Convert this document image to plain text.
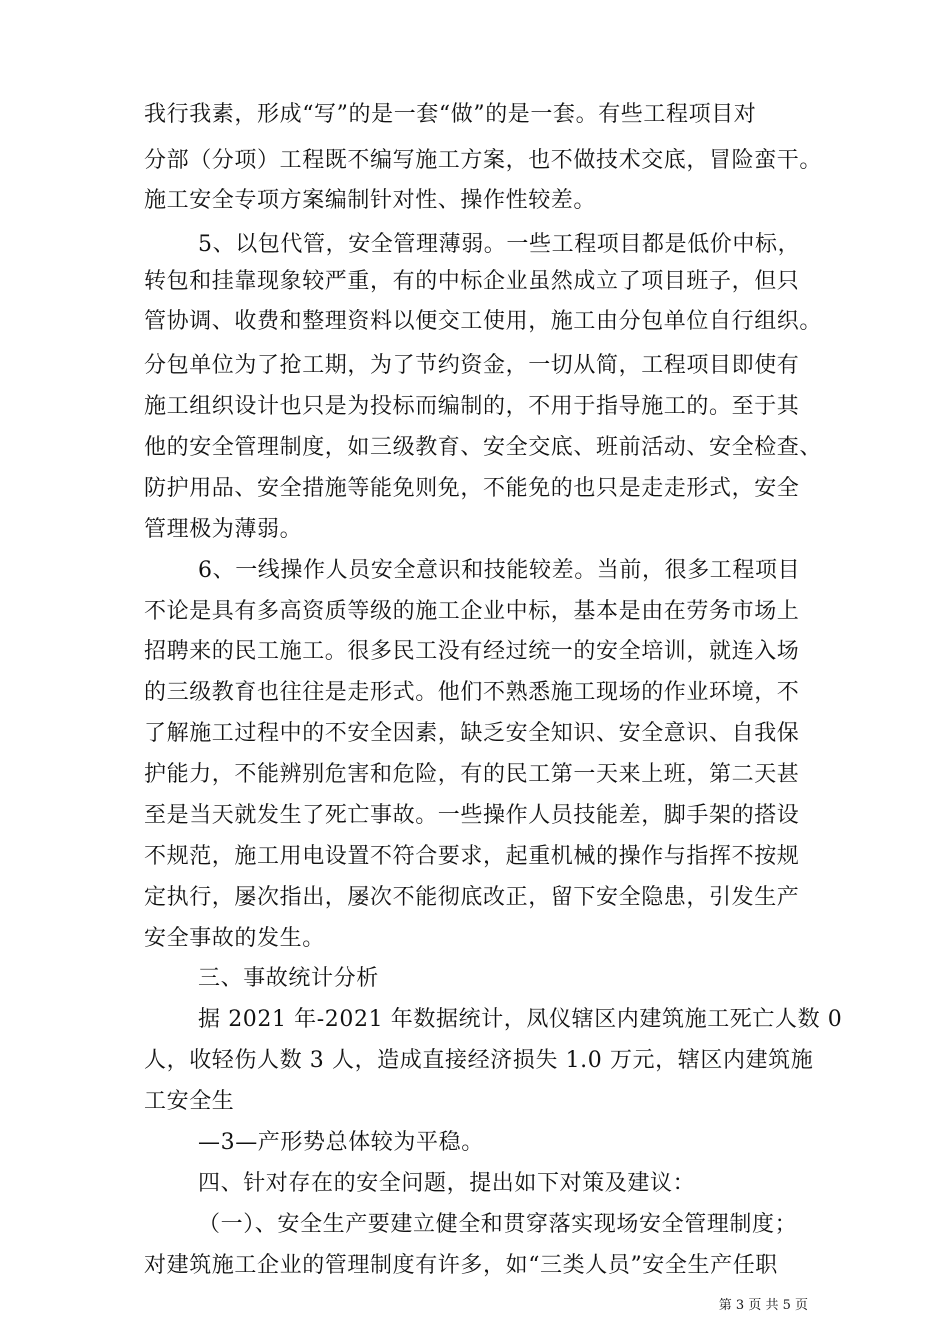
我行我素，形成“写”的是一套“做”的是一套。有些工程项目对
分部（分项）工程既不编写施工方案，也不做技术交底，冒险蛮干。
施工安全专项方案编制针对性、操作性较差。
5、以包代管，安全管理薄弱。一些工程项目都是低价中标，
转包和挂靠现象较严重，有的中标企业虽然成立了项目班子，但只
管协调、收费和整理资料以便交工使用，施工由分包单位自行组织。
分包单位为了抢工期，为了节约资金，一切从简，工程项目即使有
施工组织设计也只是为投标而编制的，不用于指导施工的。至于其
他的安全管理制度，如三级教育、安全交底、班前活动、安全检查、
防护用品、安全措施等能免则免，不能免的也只是走走形式，安全
管理极为薄弱。
6、一线操作人员安全意识和技能较差。当前，很多工程项目
不论是具有多高资质等级的施工企业中标，基本是由在劳务市场上
招聘来的民工施工。很多民工没有经过统一的安全培训，就连入场
的三级教育也往往是走形式。他们不熟悉施工现场的作业环境，不
了解施工过程中的不安全因素，缺乏安全知识、安全意识、自我保
护能力，不能辨别危害和危险，有的民工第一天来上班，第二天甚
至是当天就发生了死亡事故。一些操作人员技能差，脚手架的搭设
不规范，施工用电设置不符合要求，起重机械的操作与指挥不按规
定执行，屡次指出，屡次不能彻底改正，留下安全隐患，引发生产
安全事故的发生。
三、事故统计分析
据 2021 年-2021 年数据统计，凤仪辖区内建筑施工死亡人数 0
人，收轻伤人数 3 人，造成直接经济损失 1.0 万元，辖区内建筑施
工安全生
—3—产形势总体较为平稳。
四、针对存在的安全问题，提出如下对策及建议：
（一）、安全生产要建立健全和贯穿落实现场安全管理制度；
对建筑施工企业的管理制度有许多，如“三类人员”安全生产任职
第 3 页 共 5 页
